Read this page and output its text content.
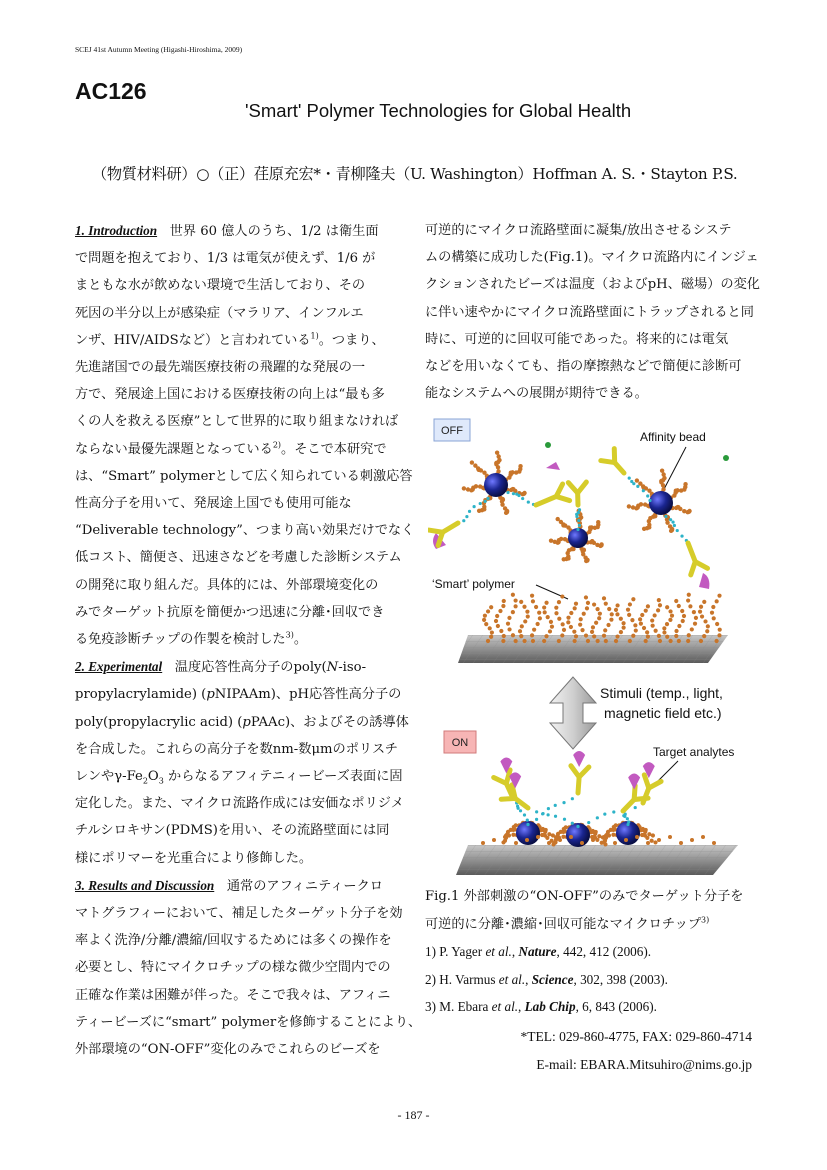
SCEJ 41st Autumn Meeting (Higashi-Hiroshima, 2009)
AC126
'Smart' Polymer Technologies for Global Health
（物質材料研）○（正）荏原充宏*・青柳隆夫（U. Washington）Hoffman A. S.・Stayton P.S.
1. Introduction 世界 60 億人のうち、1/2 は衛生面
で問題を抱えており、1/3 は電気が使えず、1/6 が
まともな水が飲めない環境で生活しており、その
死因の半分以上が感染症（マラリア、インフルエ
ンザ、HIV/AIDSなど）と言われている$^{1)}$。つまり、
先進諸国での最先端医療技術の飛躍的な発展の一
方で、発展途上国における医療技術の向上は“最も多
くの人を救える医療”として世界的に取り組まなければ
ならない最優先課題となっている$^{2)}$。そこで本研究で
は、“Smart” polymerとして広く知られている刺激応答
性高分子を用いて、発展途上国でも使用可能な
“Deliverable technology”、つまり高い効果だけでなく
低コスト、簡便さ、迅速さなどを考慮した診断システム
の開発に取り組んだ。具体的には、外部環境変化の
みでターゲット抗原を簡便かつ迅速に分離･回収でき
る免疫診断チップの作製を検討した$^{3)}$。
2. Experimental 温度応答性高分子のpoly(N-iso-
propylacrylamide) (pNIPAAm)、pH応答性高分子の
poly(propylacrylic acid) (pPAAc)、およびその誘導体
を合成した。これらの高分子を数nm-数μmのポリスチ
レンや$\gamma-Fe_2O_3$ からなるアフィテニィービーズ表面に固
定化した。また、マイクロ流路作成には安価なポリジメ
チルシロキサン(PDMS)を用い、その流路壁面には同
様にポリマーを光重合により修飾した。
3. Results and Discussion 通常のアフィニティークロ
マトグラフィーにおいて、補足したターゲット分子を効
率よく洗浄/分離/濃縮/回収するためには多くの操作を
必要とし、特にマイクロチップの様な微少空間内での
正確な作業は困難が伴った。そこで我々は、アフィニ
ティービーズに“smart” polymerを修飾することにより、
外部環境の“ON-OFF”変化のみでこれらのビーズを
可逆的にマイクロ流路壁面に凝集/放出させるシステ
ムの構築に成功した(Fig.1)。マイクロ流路内にインジェ
クションされたビーズは温度（およびpH、磁場）の変化
に伴い速やかにマイクロ流路壁面にトラップされると同
時に、可逆的に回収可能であった。将来的には電気
などを用いなくても、指の摩擦熱などで簡便に診断可
能なシステムへの展開が期待できる。
OFF	Affinity bead
‘Smart’ polymer
Stimuli (temp., light,
magnetic field etc.)
ON
Target analytes
Fig.1 外部刺激の“ON-OFF”のみでターゲット分子を
可逆的に分離･濃縮･回収可能なマイクロチップ$^{3)}$
1) P. Yager et al., Nature, 442, 412 (2006).
2) H. Varmus et al., Science, 302, 398 (2003).
3) M. Ebara et al., Lab Chip, 6, 843 (2006).
*TEL: 029-860-4775, FAX: 029-860-4714
E-mail: EBARA.Mitsuhiro@nims.go.jp
- 187 -
